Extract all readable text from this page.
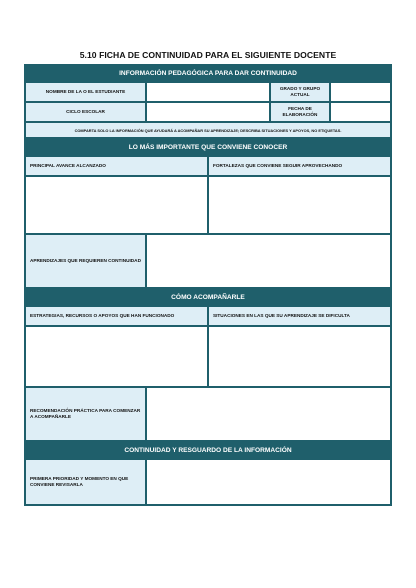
5.10 FICHA DE CONTINUIDAD PARA EL SIGUIENTE DOCENTE
INFORMACIÓN PEDAGÓGICA PARA DAR CONTINUIDAD
NOMBRE DE LA O EL ESTUDIANTE
GRADO Y GRUPO ACTUAL
CICLO ESCOLAR
FECHA DE ELABORACIÓN
COMPARTA SOLO LA INFORMACIÓN QUE AYUDARÁ A ACOMPAÑAR SU APRENDIZAJE; DESCRIBA SITUACIONES Y APOYOS, NO ETIQUETAS.
LO MÁS IMPORTANTE QUE CONVIENE CONOCER
PRINCIPAL AVANCE ALCANZADO	FORTALEZAS QUE CONVIENE SEGUIR APROVECHANDO
APRENDIZAJES QUE REQUIEREN CONTINUIDAD
CÓMO ACOMPAÑARLE
ESTRATEGIAS, RECURSOS O APOYOS QUE HAN FUNCIONADO	SITUACIONES EN LAS QUE SU APRENDIZAJE SE DIFICULTA
RECOMENDACIÓN PRÁCTICA PARA COMENZAR A ACOMPAÑARLE
CONTINUIDAD Y RESGUARDO DE LA INFORMACIÓN
PRIMERA PRIORIDAD Y MOMENTO EN QUE CONVIENE REVISARLA
